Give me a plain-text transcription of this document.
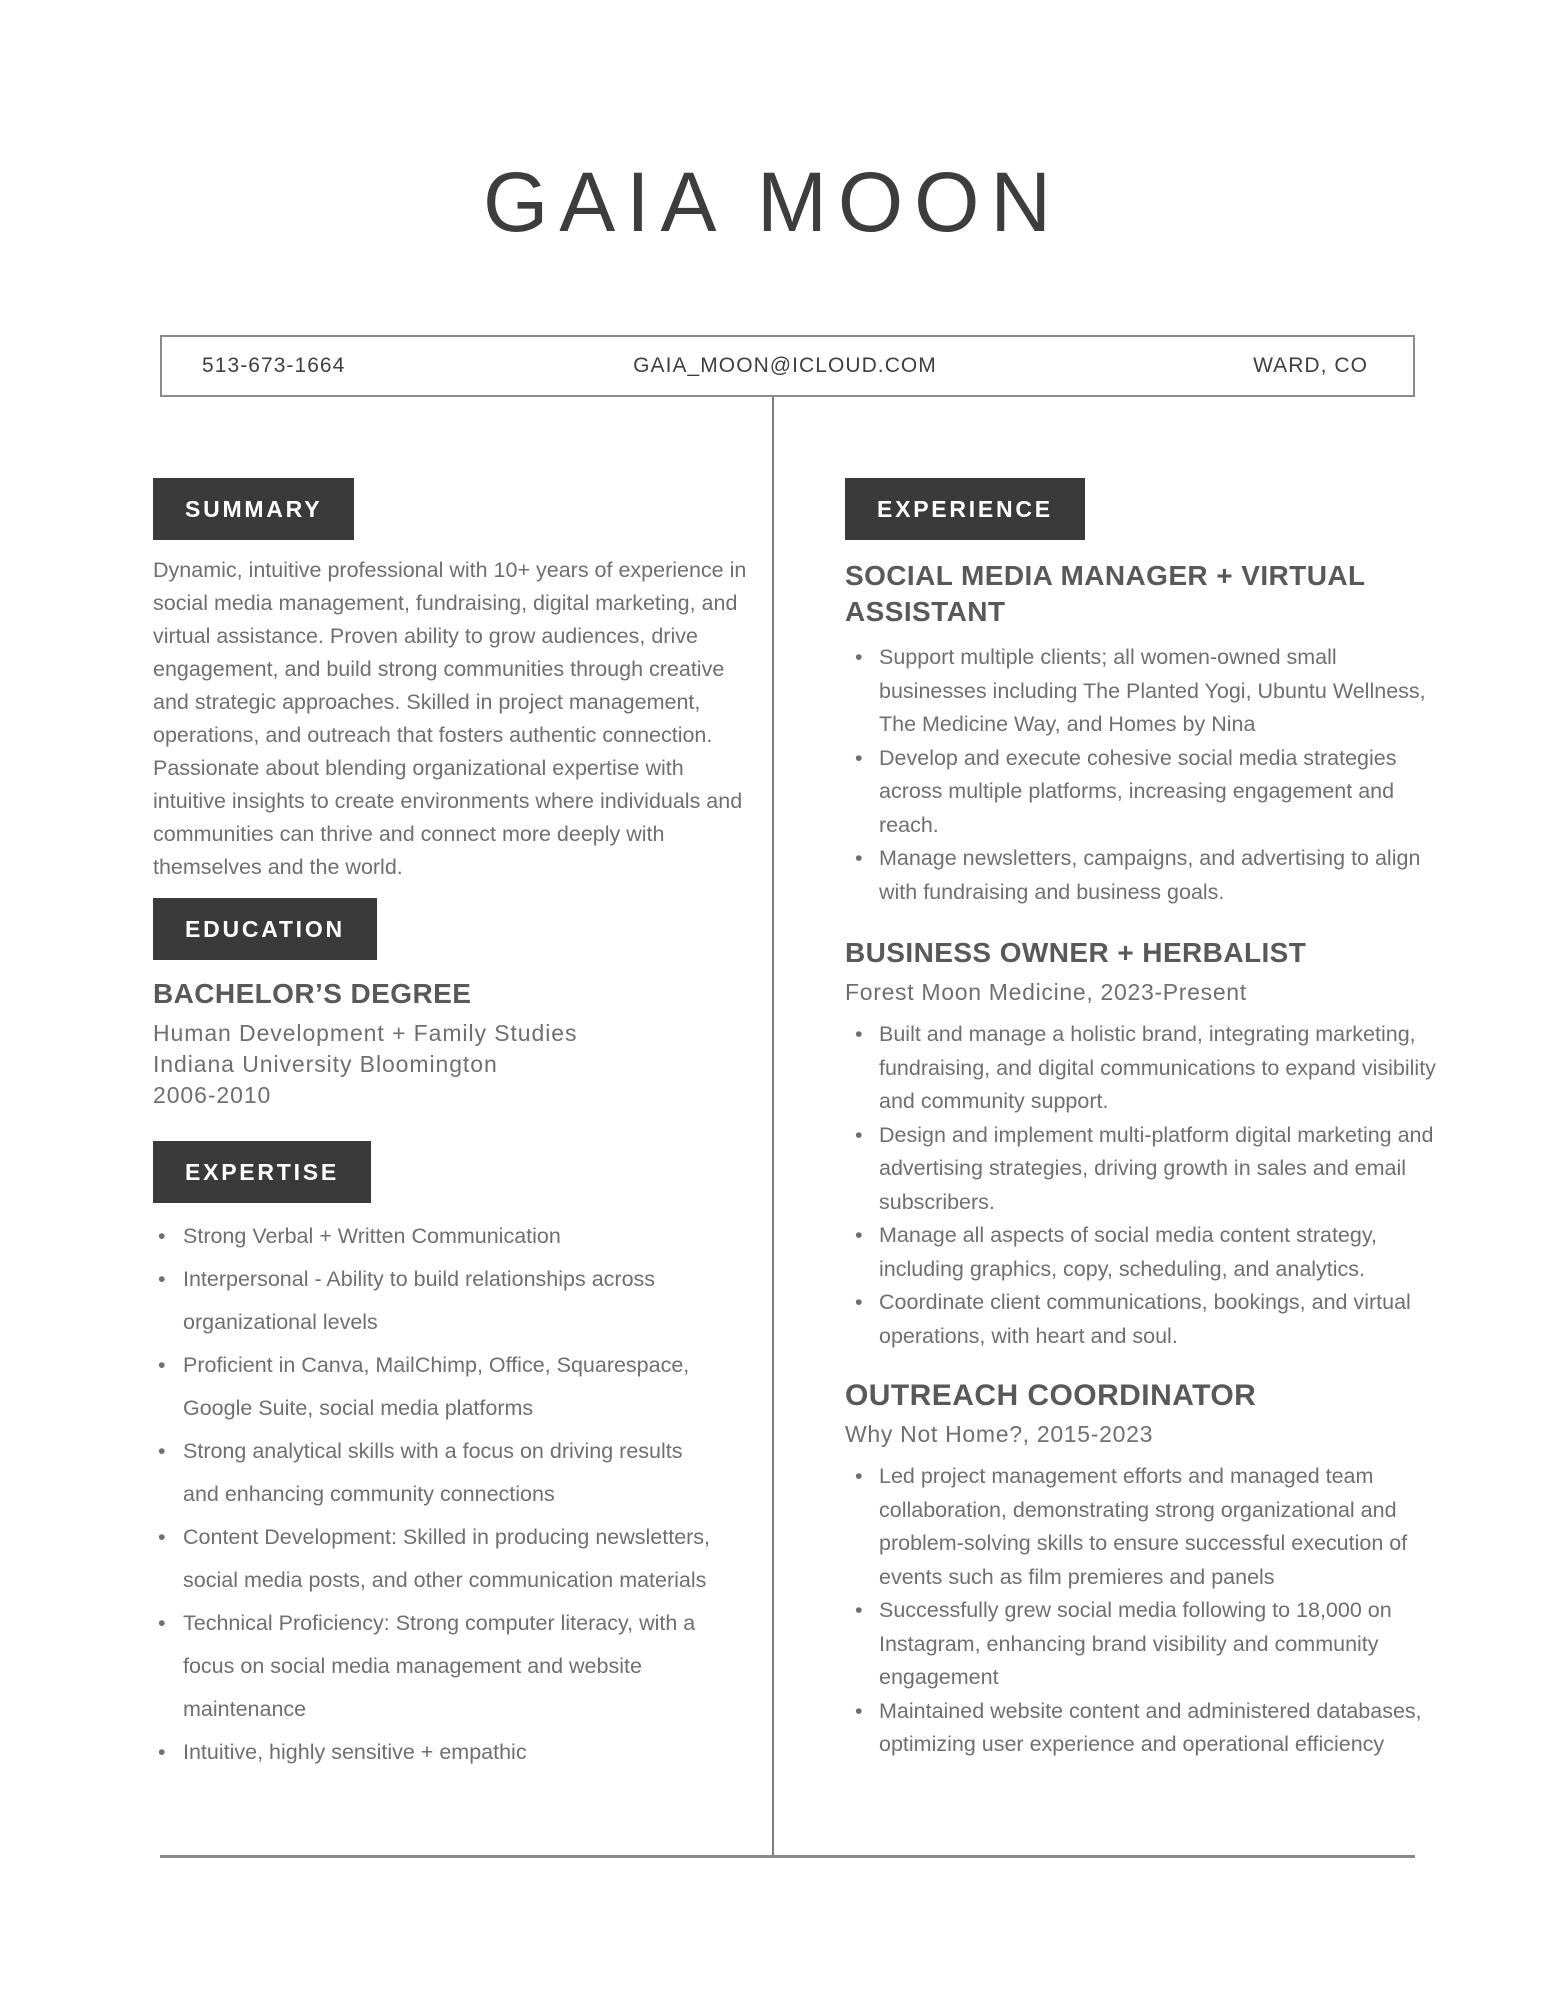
GAIA MOON
513-673-1664	GAIA_MOON@ICLOUD.COM	WARD, CO
SUMMARY

Dynamic, intuitive professional with 10+ years of experience in social media management, fundraising, digital marketing, and virtual assistance. Proven ability to grow audiences, drive engagement, and build strong communities through creative and strategic approaches. Skilled in project management, operations, and outreach that fosters authentic connection. Passionate about blending organizational expertise with intuitive insights to create environments where individuals and communities can thrive and connect more deeply with themselves and the world.

EDUCATION
BACHELOR’S DEGREE
Human Development + Family Studies
Indiana University Bloomington
2006-2010
EXPERTISE
• Strong Verbal + Written Communication
• Interpersonal - Ability to build relationships across organizational levels
• Proficient in Canva, MailChimp, Office, Squarespace, Google Suite, social media platforms
• Strong analytical skills with a focus on driving results and enhancing community connections
• Content Development: Skilled in producing newsletters, social media posts, and other communication materials
• Technical Proficiency: Strong computer literacy, with a focus on social media management and website maintenance
• Intuitive, highly sensitive + empathic
EXPERIENCE
SOCIAL MEDIA MANAGER + VIRTUAL ASSISTANT
• Support multiple clients; all women-owned small businesses including The Planted Yogi, Ubuntu Wellness, The Medicine Way, and Homes by Nina
• Develop and execute cohesive social media strategies across multiple platforms, increasing engagement and reach.
• Manage newsletters, campaigns, and advertising to align with fundraising and business goals.
BUSINESS OWNER + HERBALIST
Forest Moon Medicine, 2023-Present
• Built and manage a holistic brand, integrating marketing, fundraising, and digital communications to expand visibility and community support.
• Design and implement multi-platform digital marketing and advertising strategies, driving growth in sales and email subscribers.
• Manage all aspects of social media content strategy, including graphics, copy, scheduling, and analytics.
• Coordinate client communications, bookings, and virtual operations, with heart and soul.
OUTREACH COORDINATOR
Why Not Home?, 2015-2023
• Led project management efforts and managed team collaboration, demonstrating strong organizational and problem-solving skills to ensure successful execution of events such as film premieres and panels
• Successfully grew social media following to 18,000 on Instagram, enhancing brand visibility and community engagement
• Maintained website content and administered databases, optimizing user experience and operational efficiency
